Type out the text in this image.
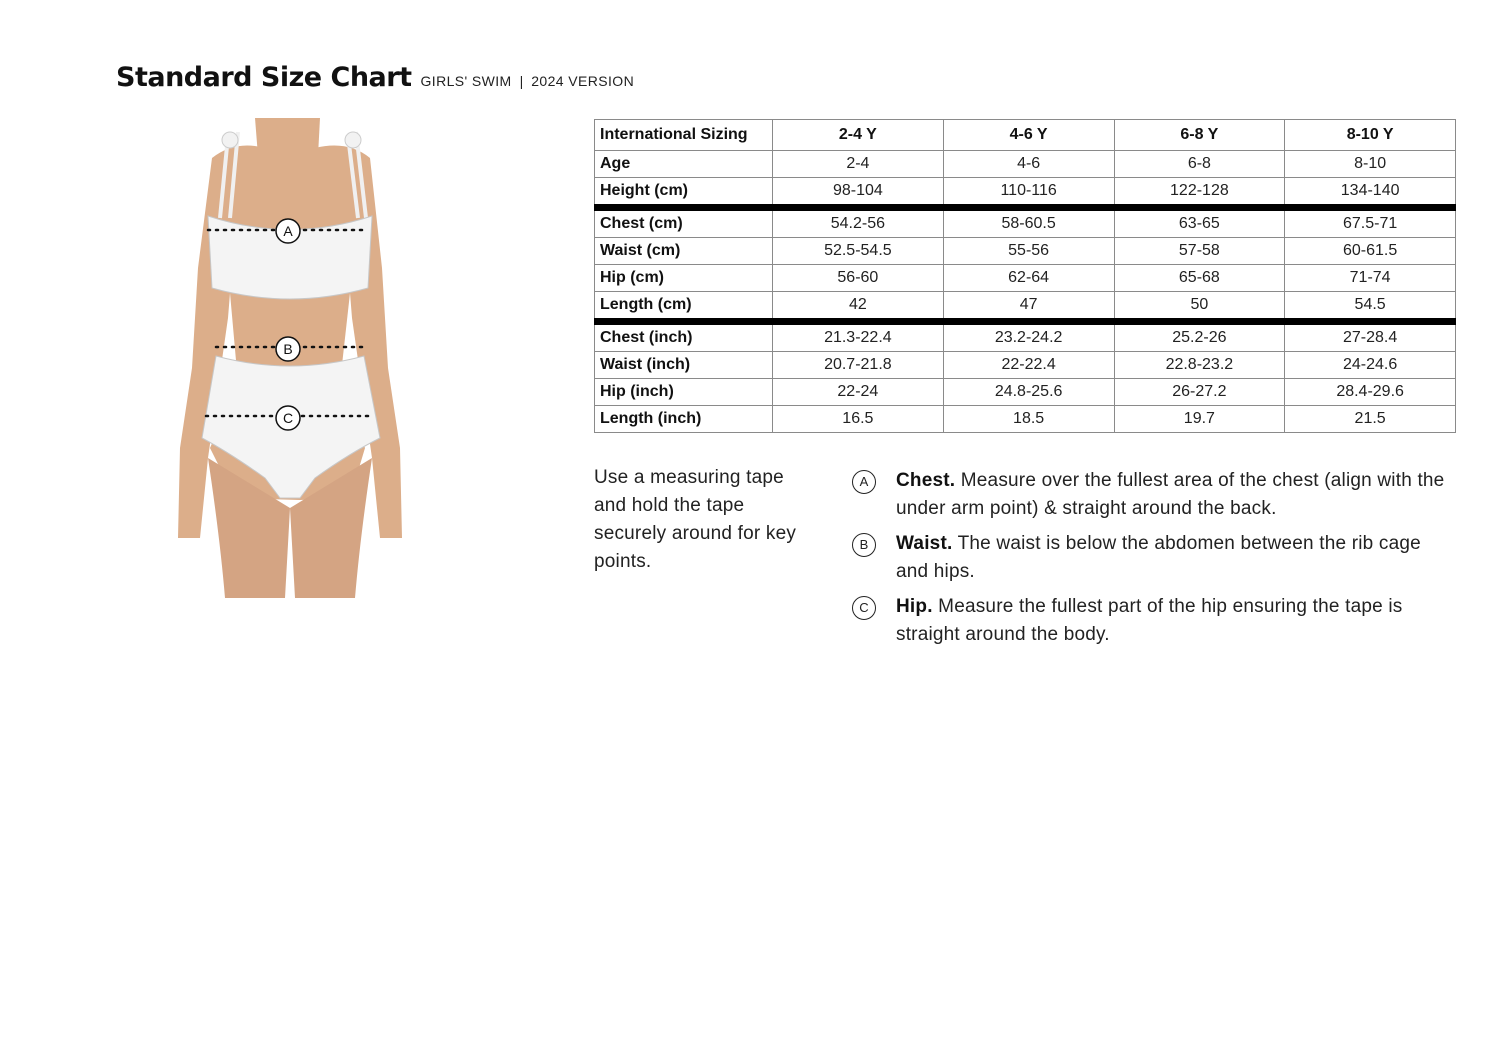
Standard Size Chart GIRLS' SWIM | 2024 VERSION
A
B
C
International Sizing	2-4 Y	4-6 Y	6-8 Y	8-10 Y
Age	2-4	4-6	6-8	8-10
Height (cm)	98-104	110-116	122-128	134-140
Chest (cm)	54.2-56	58-60.5	63-65	67.5-71
Waist (cm)	52.5-54.5	55-56	57-58	60-61.5
Hip (cm)	56-60	62-64	65-68	71-74
Length (cm)	42	47	50	54.5
Chest (inch)	21.3-22.4	23.2-24.2	25.2-26	27-28.4
Waist (inch)	20.7-21.8	22-22.4	22.8-23.2	24-24.6
Hip (inch)	22-24	24.8-25.6	26-27.2	28.4-29.6
Length (inch)	16.5	18.5	19.7	21.5
Use a measuring tape and hold the tape securely around for key points.
A	Chest. Measure over the fullest area of the chest (align with the under arm point) & straight around the back.
B	Waist. The waist is below the abdomen between the rib cage and hips.
C	Hip. Measure the fullest part of the hip ensuring the tape is straight around the body.
